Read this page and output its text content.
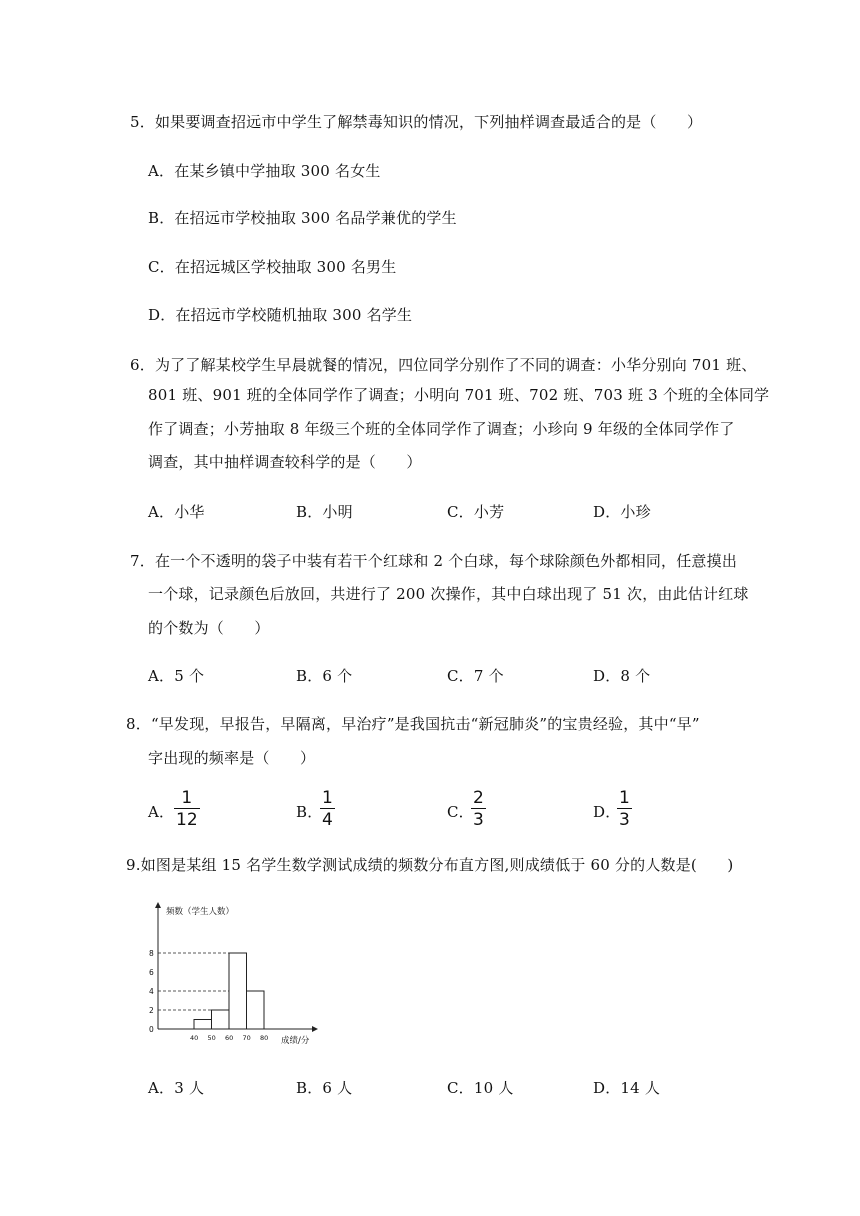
5．如果要调查招远市中学生了解禁毒知识的情况，下列抽样调查最适合的是（　　）
A．在某乡镇中学抽取 300 名女生
B．在招远市学校抽取 300 名品学兼优的学生
C．在招远城区学校抽取 300 名男生
D．在招远市学校随机抽取 300 名学生
6．为了了解某校学生早晨就餐的情况，四位同学分别作了不同的调查：小华分别向 701 班、
801 班、901 班的全体同学作了调查；小明向 701 班、702 班、703 班 3 个班的全体同学
作了调查；小芳抽取 8 年级三个班的全体同学作了调查；小珍向 9 年级的全体同学作了
调查，其中抽样调查较科学的是（　　）
A．小华	B．小明	C．小芳	D．小珍
7．在一个不透明的袋子中装有若干个红球和 2 个白球，每个球除颜色外都相同，任意摸出
一个球，记录颜色后放回，共进行了 200 次操作，其中白球出现了 51 次，由此估计红球
的个数为（　　）
A．5 个	B．6 个	C．7 个	D．8 个
8．“早发现，早报告，早隔离，早治疗”是我国抗击“新冠肺炎”的宝贵经验，其中“早”
字出现的频率是（　　）
A．
1
12	B．
1
4	C．
2
3	D．
1
3
9.如图是某组 15 名学生数学测试成绩的频数分布直方图,则成绩低于 60 分的人数是(　　)
0
2
4
6
8
40 50 60 70 80
频数（学生人数）
成绩/分
A．3 人	B．6 人	C．10 人	D．14 人
